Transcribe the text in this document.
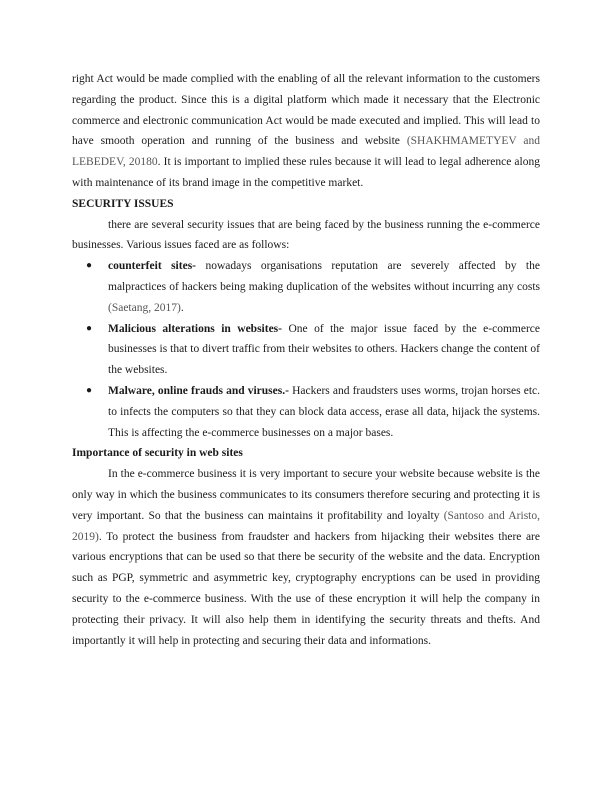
right Act would be made complied with the enabling of all the relevant information to the customers regarding the product. Since this is a digital platform which made it necessary that the Electronic commerce and electronic communication Act would be made executed and implied. This will lead to have smooth operation and running of the business and website (SHAKHMAMETYEV and LEBEDEV, 20180. It is important to implied these rules because it will lead to legal adherence along with maintenance of its brand image in the competitive market.

SECURITY ISSUES

there are several security issues that are being faced by the business running the e-commerce businesses. Various issues faced are as follows:

● counterfeit sites- nowadays organisations reputation are severely affected by the malpractices of hackers being making duplication of the websites without incurring any costs (Saetang, 2017).
● Malicious alterations in websites- One of the major issue faced by the e-commerce businesses is that to divert traffic from their websites to others. Hackers change the content of the websites.
● Malware, online frauds and viruses.- Hackers and fraudsters uses worms, trojan horses etc. to infects the computers so that they can block data access, erase all data, hijack the systems. This is affecting the e-commerce businesses on a major bases.
Importance of security in web sites

In the e-commerce business it is very important to secure your website because website is the only way in which the business communicates to its consumers therefore securing and protecting it is very important. So that the business can maintains it profitability and loyalty (Santoso and Aristo, 2019). To protect the business from fraudster and hackers from hijacking their websites there are various encryptions that can be used so that there be security of the website and the data. Encryption such as PGP, symmetric and asymmetric key, cryptography encryptions can be used in providing security to the e-commerce business. With the use of these encryption it will help the company in protecting their privacy. It will also help them in identifying the security threats and thefts. And importantly it will help in protecting and securing their data and informations.
